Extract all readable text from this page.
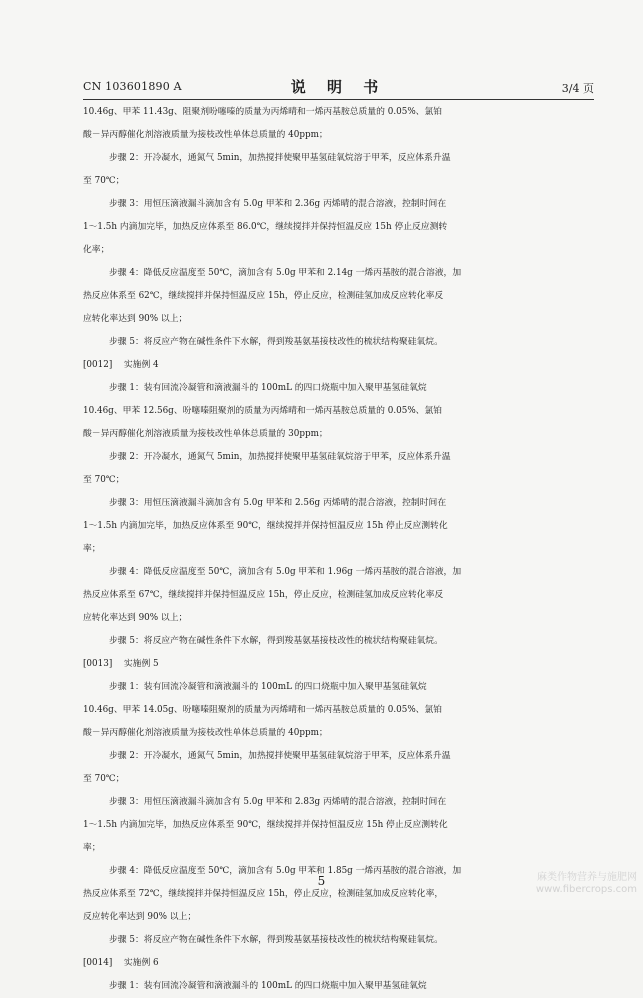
CN 103601890 A	说 明 书	3/4 页
10.46g、甲苯 11.43g、阻聚剂吩噻嗪的质量为丙烯晴和一烯丙基胺总质量的 0.05%、氯铂
酸－异丙醇催化剂溶液质量为接枝改性单体总质量的 40ppm；
步骤 2：开冷凝水，通氮气 5min，加热搅拌使聚甲基氢硅氧烷溶于甲苯，反应体系升温
至 70℃；
步骤 3：用恒压滴液漏斗滴加含有 5.0g 甲苯和 2.36g 丙烯晴的混合溶液，控制时间在
1～1.5h 内滴加完毕，加热反应体系至 86.0℃，继续搅拌并保持恒温反应 15h 停止反应测转
化率；
步骤 4：降低反应温度至 50℃，滴加含有 5.0g 甲苯和 2.14g 一烯丙基胺的混合溶液，加
热反应体系至 62℃，继续搅拌并保持恒温反应 15h，停止反应，检测硅氢加成反应转化率反
应转化率达到 90% 以上；
步骤 5：将反应产物在碱性条件下水解，得到羧基氨基接枝改性的梳状结构聚硅氧烷。
[0012]　 实施例 4
步骤 1：装有回流冷凝管和滴液漏斗的 100mL 的四口烧瓶中加入聚甲基氢硅氧烷
10.46g、甲苯 12.56g、吩噻嗪阻聚剂的质量为丙烯晴和一烯丙基胺总质量的 0.05%、氯铂
酸－异丙醇催化剂溶液质量为接枝改性单体总质量的 30ppm；
步骤 2：开冷凝水，通氮气 5min，加热搅拌使聚甲基氢硅氧烷溶于甲苯，反应体系升温
至 70℃；
步骤 3：用恒压滴液漏斗滴加含有 5.0g 甲苯和 2.56g 丙烯晴的混合溶液，控制时间在
1～1.5h 内滴加完毕，加热反应体系至 90℃，继续搅拌并保持恒温反应 15h 停止反应测转化
率；
步骤 4：降低反应温度至 50℃，滴加含有 5.0g 甲苯和 1.96g 一烯丙基胺的混合溶液，加
热反应体系至 67℃，继续搅拌并保持恒温反应 15h，停止反应，检测硅氢加成反应转化率反
应转化率达到 90% 以上；
步骤 5：将反应产物在碱性条件下水解，得到羧基氨基接枝改性的梳状结构聚硅氧烷。
[0013]　 实施例 5
步骤 1：装有回流冷凝管和滴液漏斗的 100mL 的四口烧瓶中加入聚甲基氢硅氧烷
10.46g、甲苯 14.05g、吩噻嗪阻聚剂的质量为丙烯晴和一烯丙基胺总质量的 0.05%、氯铂
酸－异丙醇催化剂溶液质量为接枝改性单体总质量的 40ppm；
步骤 2：开冷凝水，通氮气 5min，加热搅拌使聚甲基氢硅氧烷溶于甲苯，反应体系升温
至 70℃；
步骤 3：用恒压滴液漏斗滴加含有 5.0g 甲苯和 2.83g 丙烯晴的混合溶液，控制时间在
1～1.5h 内滴加完毕，加热反应体系至 90℃，继续搅拌并保持恒温反应 15h 停止反应测转化
率；
步骤 4：降低反应温度至 50℃，滴加含有 5.0g 甲苯和 1.85g 一烯丙基胺的混合溶液，加
热反应体系至 72℃，继续搅拌并保持恒温反应 15h，停止反应，检测硅氢加成反应转化率，
反应转化率达到 90% 以上；
步骤 5：将反应产物在碱性条件下水解，得到羧基氨基接枝改性的梳状结构聚硅氧烷。
[0014]　 实施例 6
步骤 1：装有回流冷凝管和滴液漏斗的 100mL 的四口烧瓶中加入聚甲基氢硅氧烷
5	麻类作物营养与施肥网
www.fibercrops.com
